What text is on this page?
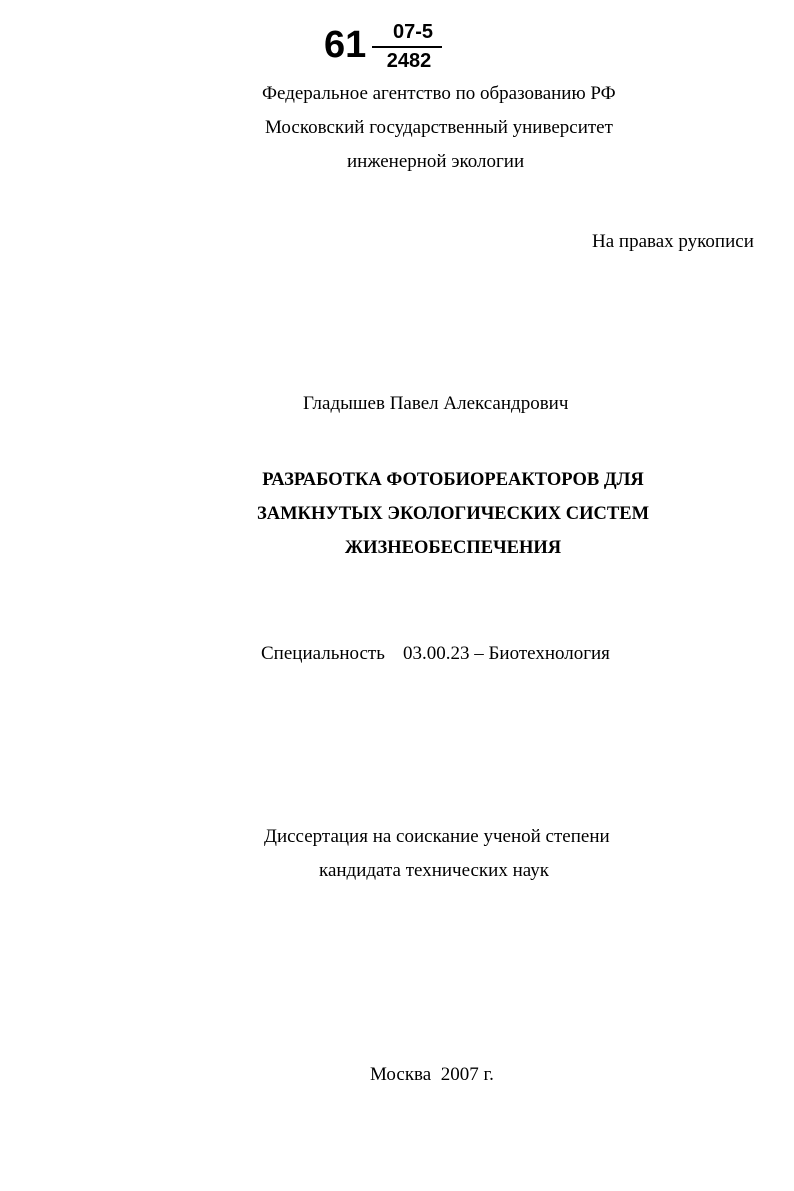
61	07-5
2482
Федеральное агентство по образованию РФ
Московский государственный университет
инженерной экологии
На правах рукописи
Гладышев Павел Александрович
РАЗРАБОТКА ФОТОБИОРЕАКТОРОВ ДЛЯ
ЗАМКНУТЫХ ЭКОЛОГИЧЕСКИХ СИСТЕМ
ЖИЗНЕОБЕСПЕЧЕНИЯ
Специальность 03.00.23 – Биотехнология
Диссертация на соискание ученой степени
кандидата технических наук
Москва  2007 г.
